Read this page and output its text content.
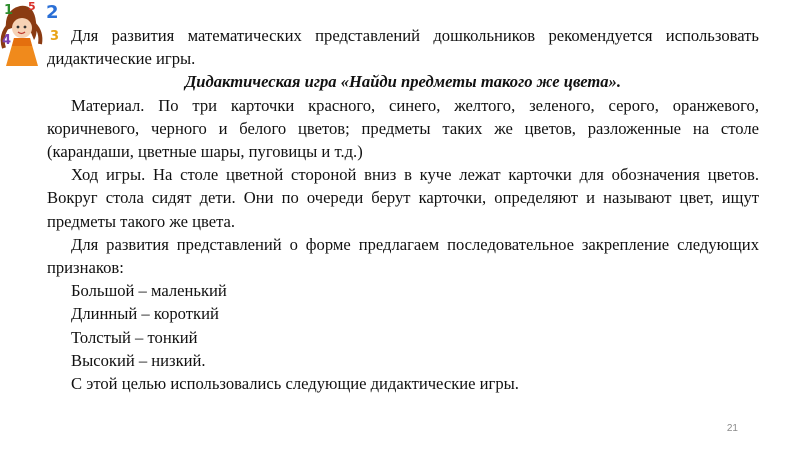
1 5 2
4	3 Для развития математических представлений дошкольников рекомендуется использовать дидактические игры.

Дидактическая игра «Найди предметы такого же цвета».

Материал. По три карточки красного, синего, желтого, зеленого, серого, оранжевого, коричневого, черного и белого цветов; предметы таких же цветов, разложенные на столе (карандаши, цветные шары, пуговицы и т.д.)

Ход игры. На столе цветной стороной вниз в куче лежат карточки для обозначения цветов. Вокруг стола сидят дети. Они по очереди берут карточки, определяют и называют цвет, ищут предметы такого же цвета.

Для развития представлений о форме предлагаем последовательное закрепление следующих признаков:

Большой – маленький

Длинный – короткий

Толстый – тонкий

Высокий – низкий.

С этой целью использовались следующие дидактические игры.

21
